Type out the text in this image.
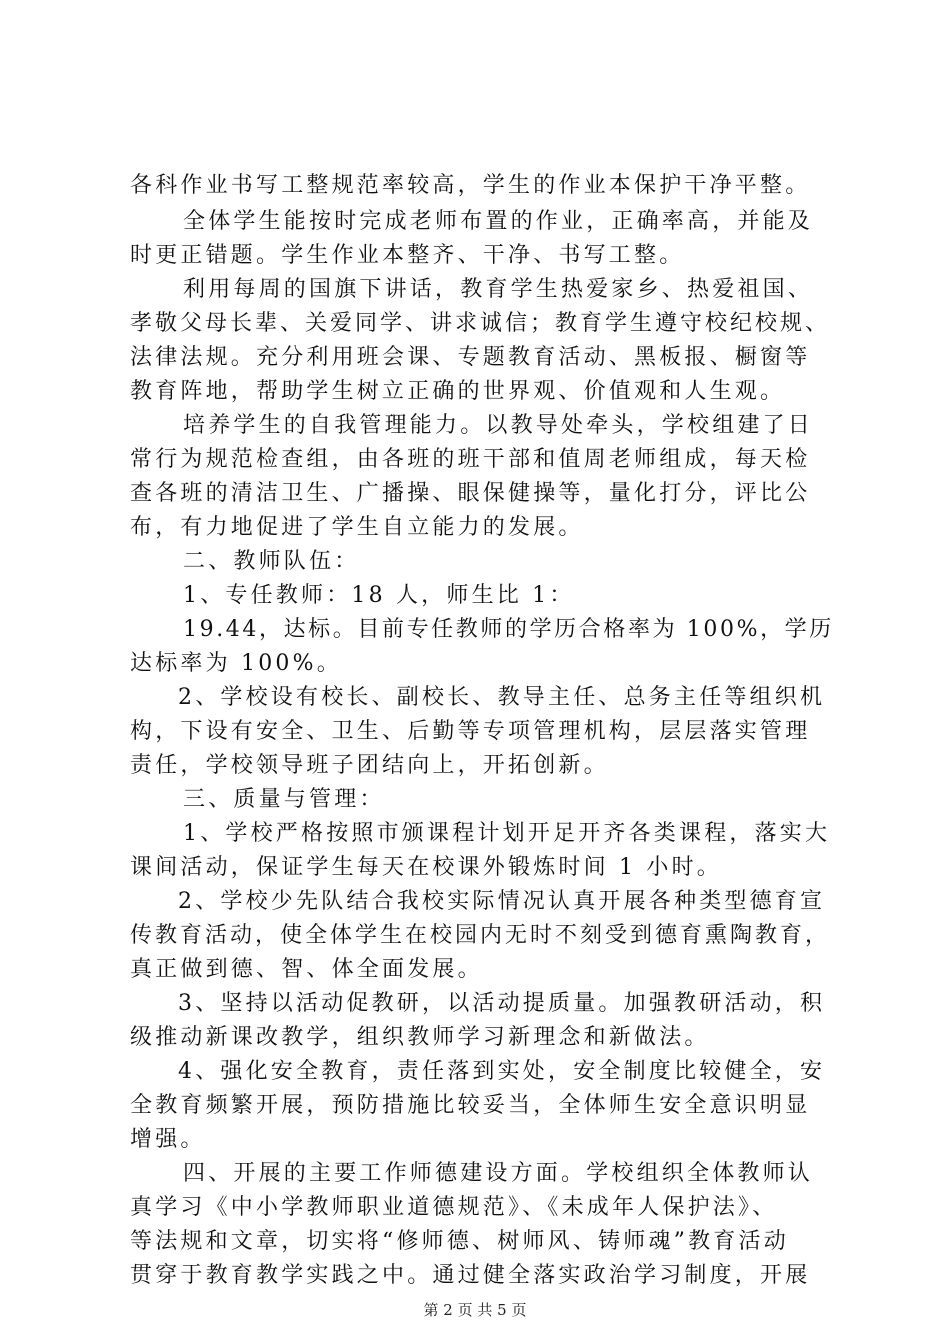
各科作业书写工整规范率较高，学生的作业本保护干净平整。
全体学生能按时完成老师布置的作业，正确率高，并能及
时更正错题。学生作业本整齐、干净、书写工整。
利用每周的国旗下讲话，教育学生热爱家乡、热爱祖国、
孝敬父母长辈、关爱同学、讲求诚信；教育学生遵守校纪校规、
法律法规。充分利用班会课、专题教育活动、黑板报、橱窗等
教育阵地，帮助学生树立正确的世界观、价值观和人生观。
培养学生的自我管理能力。以教导处牵头，学校组建了日
常行为规范检查组，由各班的班干部和值周老师组成，每天检
查各班的清洁卫生、广播操、眼保健操等，量化打分，评比公
布，有力地促进了学生自立能力的发展。
二、教师队伍：
1、专任教师：18 人，师生比 1：
19.44，达标。目前专任教师的学历合格率为 100%，学历
达标率为 100%。
2、学校设有校长、副校长、教导主任、总务主任等组织机
构，下设有安全、卫生、后勤等专项管理机构，层层落实管理
责任，学校领导班子团结向上，开拓创新。
三、质量与管理：
1、学校严格按照市颁课程计划开足开齐各类课程，落实大
课间活动，保证学生每天在校课外锻炼时间 1 小时。
2、学校少先队结合我校实际情况认真开展各种类型德育宣
传教育活动，使全体学生在校园内无时不刻受到德育熏陶教育，
真正做到德、智、体全面发展。
3、坚持以活动促教研，以活动提质量。加强教研活动，积
级推动新课改教学，组织教师学习新理念和新做法。
4、强化安全教育，责任落到实处，安全制度比较健全，安
全教育频繁开展，预防措施比较妥当，全体师生安全意识明显
增强。
四、开展的主要工作师德建设方面。学校组织全体教师认
真学习《中小学教师职业道德规范》、《未成年人保护法》、
等法规和文章，切实将“修师德、树师风、铸师魂”教育活动
贯穿于教育教学实践之中。通过健全落实政治学习制度，开展
第 2 页 共 5 页
